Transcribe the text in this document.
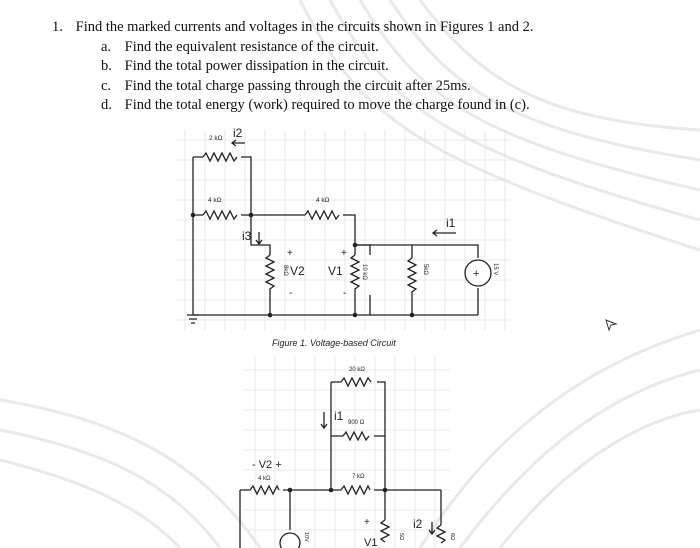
1. Find the marked currents and voltages in the circuits shown in Figures 1 and 2.
a. Find the equivalent resistance of the circuit.
b. Find the total power dissipation in the circuit.
c. Find the total charge passing through the circuit after 25ms.
d. Find the total energy (work) required to move the charge found in (c).
+
2 kΩ i2
4 kΩ	4 kΩ
i3
i1
+	+
V2
8kΩ
-
V1
-
10 kΩ	5kΩ	15 V
20 kΩ
i1 900 Ω
- V2 +
4 kΩ	7 kΩ
+
V1
i2
5Ω	6Ω
10V
Figure 1. Voltage-based Circuit
